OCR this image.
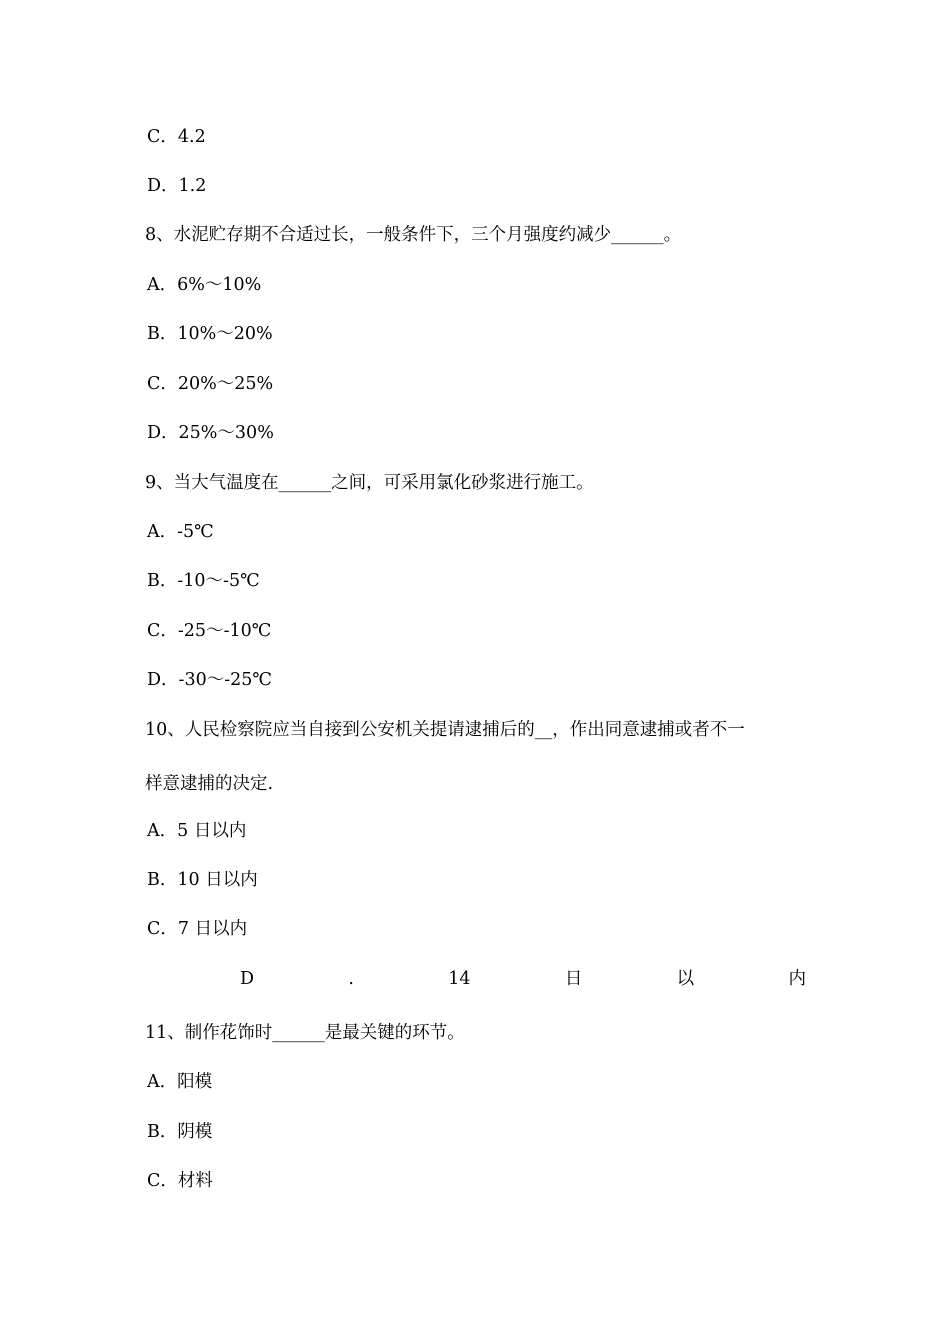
C．4.2
D．1.2
8、水泥贮存期不合适过长，一般条件下，三个月强度约减少______。
A．6%～10%
B．10%～20%
C．20%～25%
D．25%～30%
9、当大气温度在______之间，可采用氯化砂浆进行施工。
A．-5℃
B．-10～-5℃
C．-25～-10℃
D．-30～-25℃
10、人民检察院应当自接到公安机关提请逮捕后的__，作出同意逮捕或者不一
样意逮捕的决定.
A．5 日以内
B．10 日以内
C．7 日以内
D	.	14	日	以	内
11、制作花饰时______是最关键的环节。
A．阳模
B．阴模
C．材料
